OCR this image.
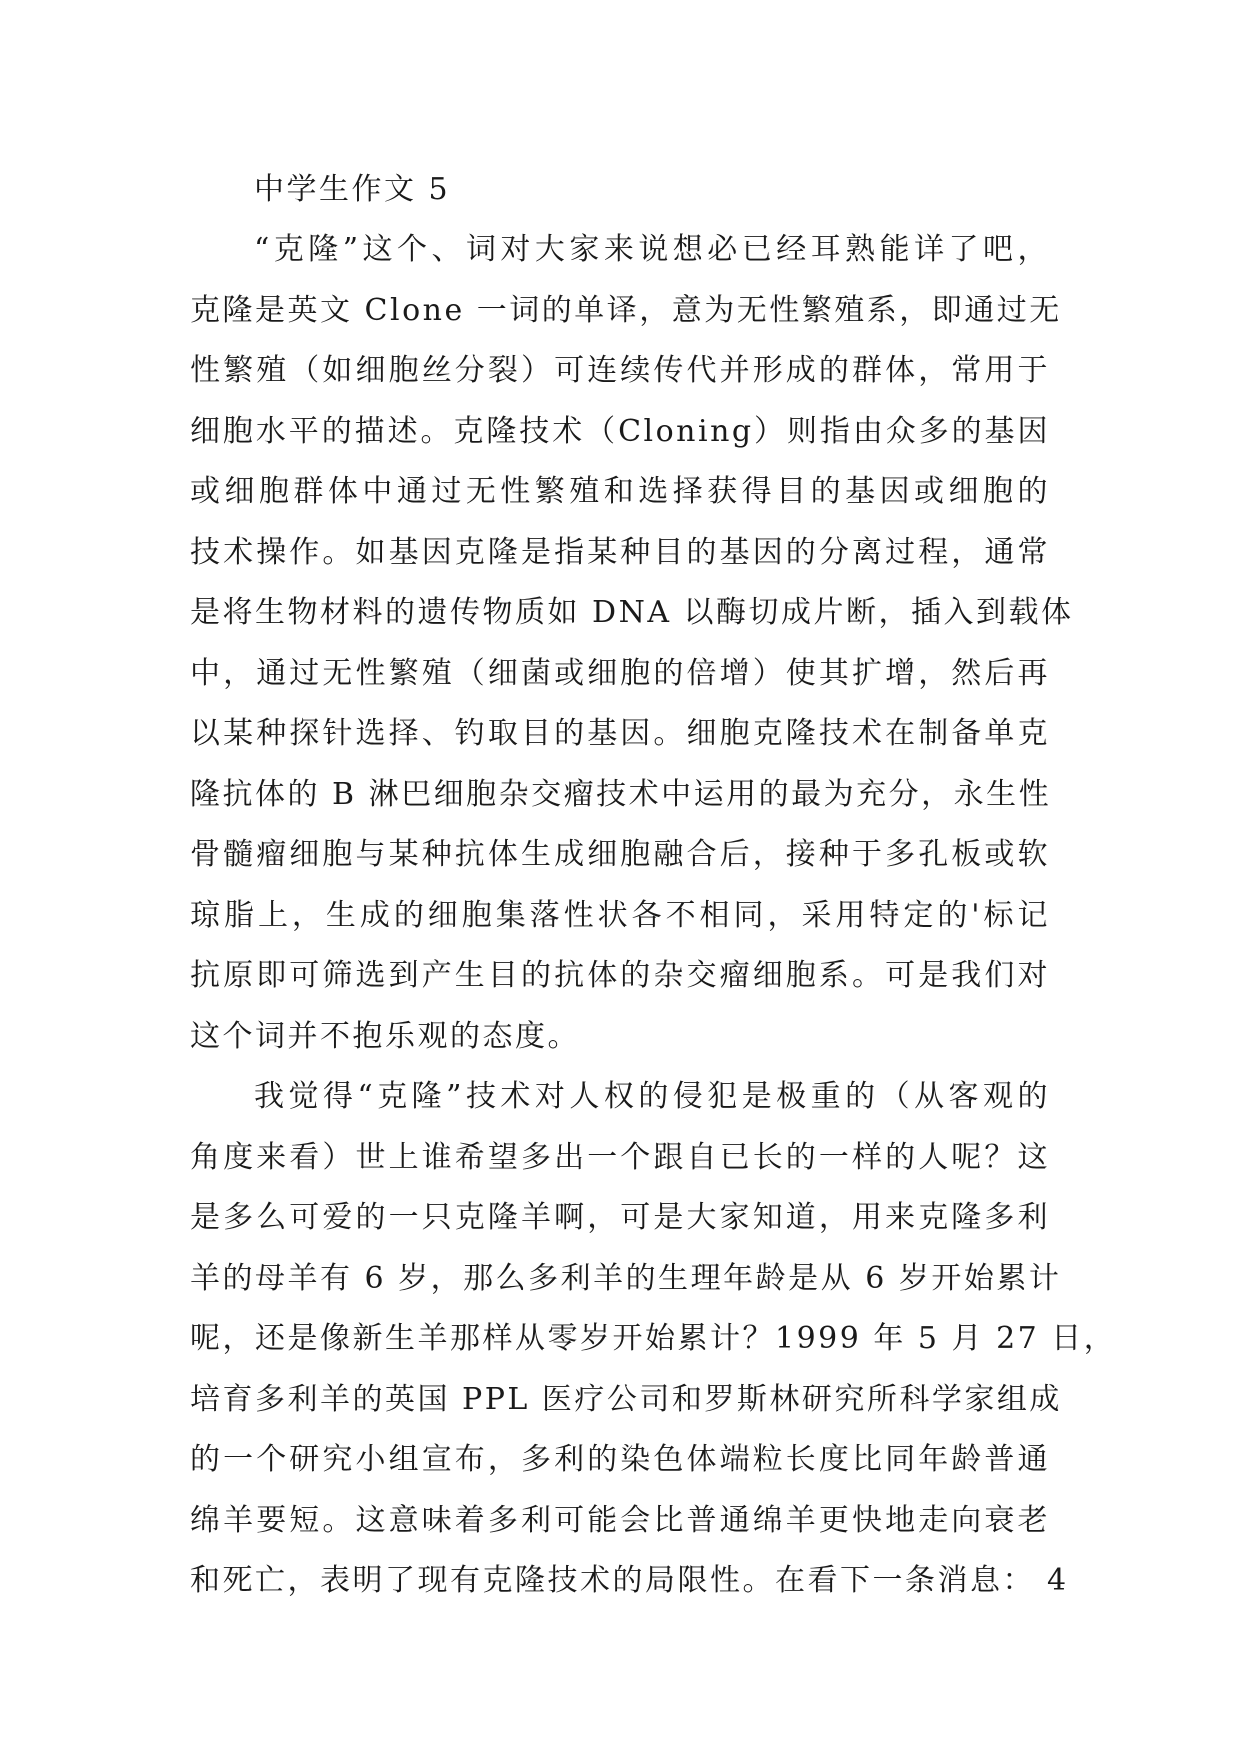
中学生作文 5
“克隆”这个、词对大家来说想必已经耳熟能详了吧，
克隆是英文 Clone 一词的单译，意为无性繁殖系，即通过无
性繁殖（如细胞丝分裂）可连续传代并形成的群体，常用于
细胞水平的描述。克隆技术（Cloning）则指由众多的基因
或细胞群体中通过无性繁殖和选择获得目的基因或细胞的
技术操作。如基因克隆是指某种目的基因的分离过程，通常
是将生物材料的遗传物质如 DNA 以酶切成片断，插入到载体
中，通过无性繁殖（细菌或细胞的倍增）使其扩增，然后再
以某种探针选择、钓取目的基因。细胞克隆技术在制备单克
隆抗体的 B 淋巴细胞杂交瘤技术中运用的最为充分，永生性
骨髓瘤细胞与某种抗体生成细胞融合后，接种于多孔板或软
琼脂上，生成的细胞集落性状各不相同，采用特定的'标记
抗原即可筛选到产生目的抗体的杂交瘤细胞系。可是我们对
这个词并不抱乐观的态度。
我觉得“克隆”技术对人权的侵犯是极重的（从客观的
角度来看）世上谁希望多出一个跟自已长的一样的人呢？这
是多么可爱的一只克隆羊啊，可是大家知道，用来克隆多利
羊的母羊有 6 岁，那么多利羊的生理年龄是从 6 岁开始累计
呢，还是像新生羊那样从零岁开始累计？1999 年 5 月 27 日，
培育多利羊的英国 PPL 医疗公司和罗斯林研究所科学家组成
的一个研究小组宣布，多利的染色体端粒长度比同年龄普通
绵羊要短。这意味着多利可能会比普通绵羊更快地走向衰老
和死亡，表明了现有克隆技术的局限性。在看下一条消息： 4
